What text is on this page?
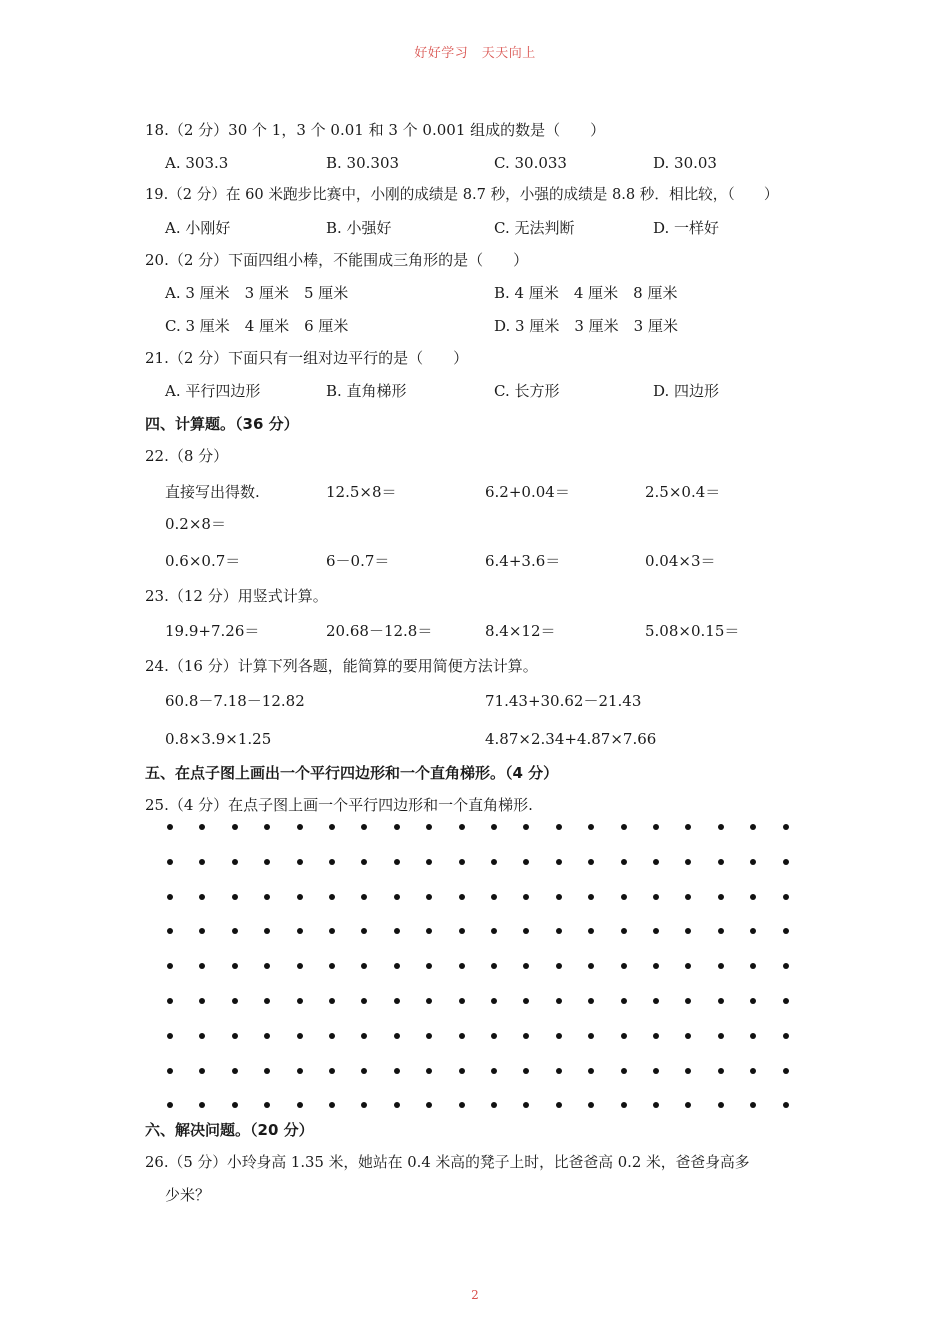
好好学习　天天向上
18.（2 分）30 个 1，3 个 0.01 和 3 个 0.001 组成的数是（　　）
A. 303.3	B. 30.303	C. 30.033	D. 30.03
19.（2 分）在 60 米跑步比赛中，小刚的成绩是 8.7 秒，小强的成绩是 8.8 秒．相比较，（　　）
A. 小刚好	B. 小强好	C. 无法判断	D. 一样好
20.（2 分）下面四组小棒，不能围成三角形的是（　　）
A. 3 厘米　3 厘米　5 厘米	B. 4 厘米　4 厘米　8 厘米
C. 3 厘米　4 厘米　6 厘米	D. 3 厘米　3 厘米　3 厘米
21.（2 分）下面只有一组对边平行的是（　　）
A. 平行四边形	B. 直角梯形	C. 长方形	D. 四边形
四、计算题。（36 分）
22.（8 分）
直接写出得数.	12.5×8＝	6.2+0.04＝	2.5×0.4＝
0.2×8＝
0.6×0.7＝	6－0.7＝	6.4+3.6＝	0.04×3＝
23.（12 分）用竖式计算。
19.9+7.26＝	20.68－12.8＝	8.4×12＝	5.08×0.15＝
24.（16 分）计算下列各题，能简算的要用简便方法计算。
60.8－7.18－12.82	71.43+30.62－21.43
0.8×3.9×1.25	4.87×2.34+4.87×7.66
五、在点子图上画出一个平行四边形和一个直角梯形。（4 分）
25.（4 分）在点子图上画一个平行四边形和一个直角梯形.
六、解决问题。（20 分）
26.（5 分）小玲身高 1.35 米，她站在 0.4 米高的凳子上时，比爸爸高 0.2 米，爸爸身高多
少米？
2
